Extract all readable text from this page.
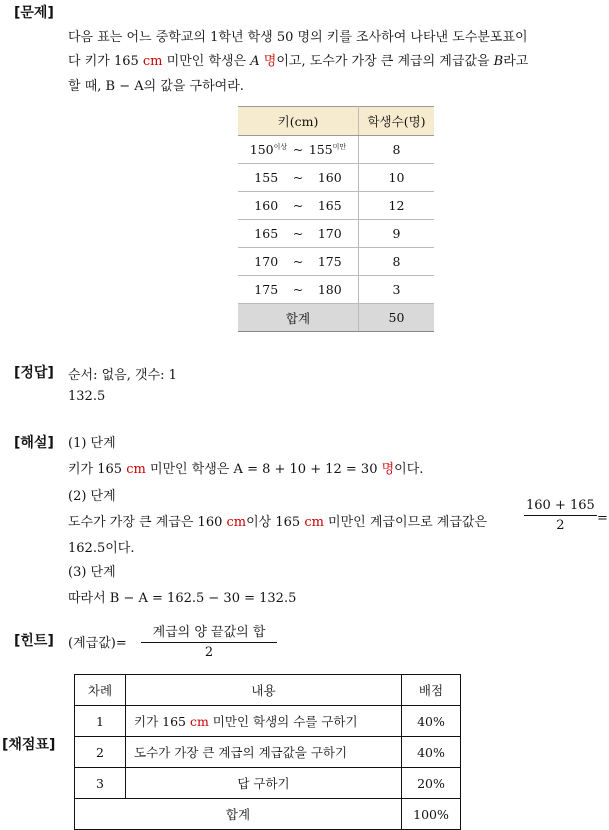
[문제]
다음 표는 어느 중학교의 1학년 학생 50 명의 키를 조사하여 나타낸 도수분포표이
다 키가 165 cm 미만인 학생은 A 명이고, 도수가 가장 큰 계급의 계급값을 B라고
할 때, B − A의 값을 구하여라.
키(cm)	학생수(명)

$150^{이상}$ ~ $155^{미만}$	8

155 ~ 160	10

160 ~ 165	12

165 ~ 170	9

170 ~ 175	8

175 ~ 180	3
합계	50
[정답] 순서: 없음, 갯수: 1
132.5
[해설] (1) 단계
키가 165 cm 미만인 학생은 A = 8 + 10 + 12 = 30 명이다.
(2) 단계
도수가 가장 큰 계급은 160 cm이상 165 cm 미만인 계급이므로 계급값은	$\frac{160 + 165}{2}$ =
162.5이다.
(3) 단계
따라서 B − A = 162.5 − 30 = 132.5
[힌트] (계급값)=
계급의 양 끝값의 합
2
[채점표]
차례	내용	배점
1	키가 165 cm 미만인 학생의 수를 구하기	40%
2	도수가 가장 큰 계급의 계급값을 구하기	40%
3	답 구하기	20%
합계		100%
